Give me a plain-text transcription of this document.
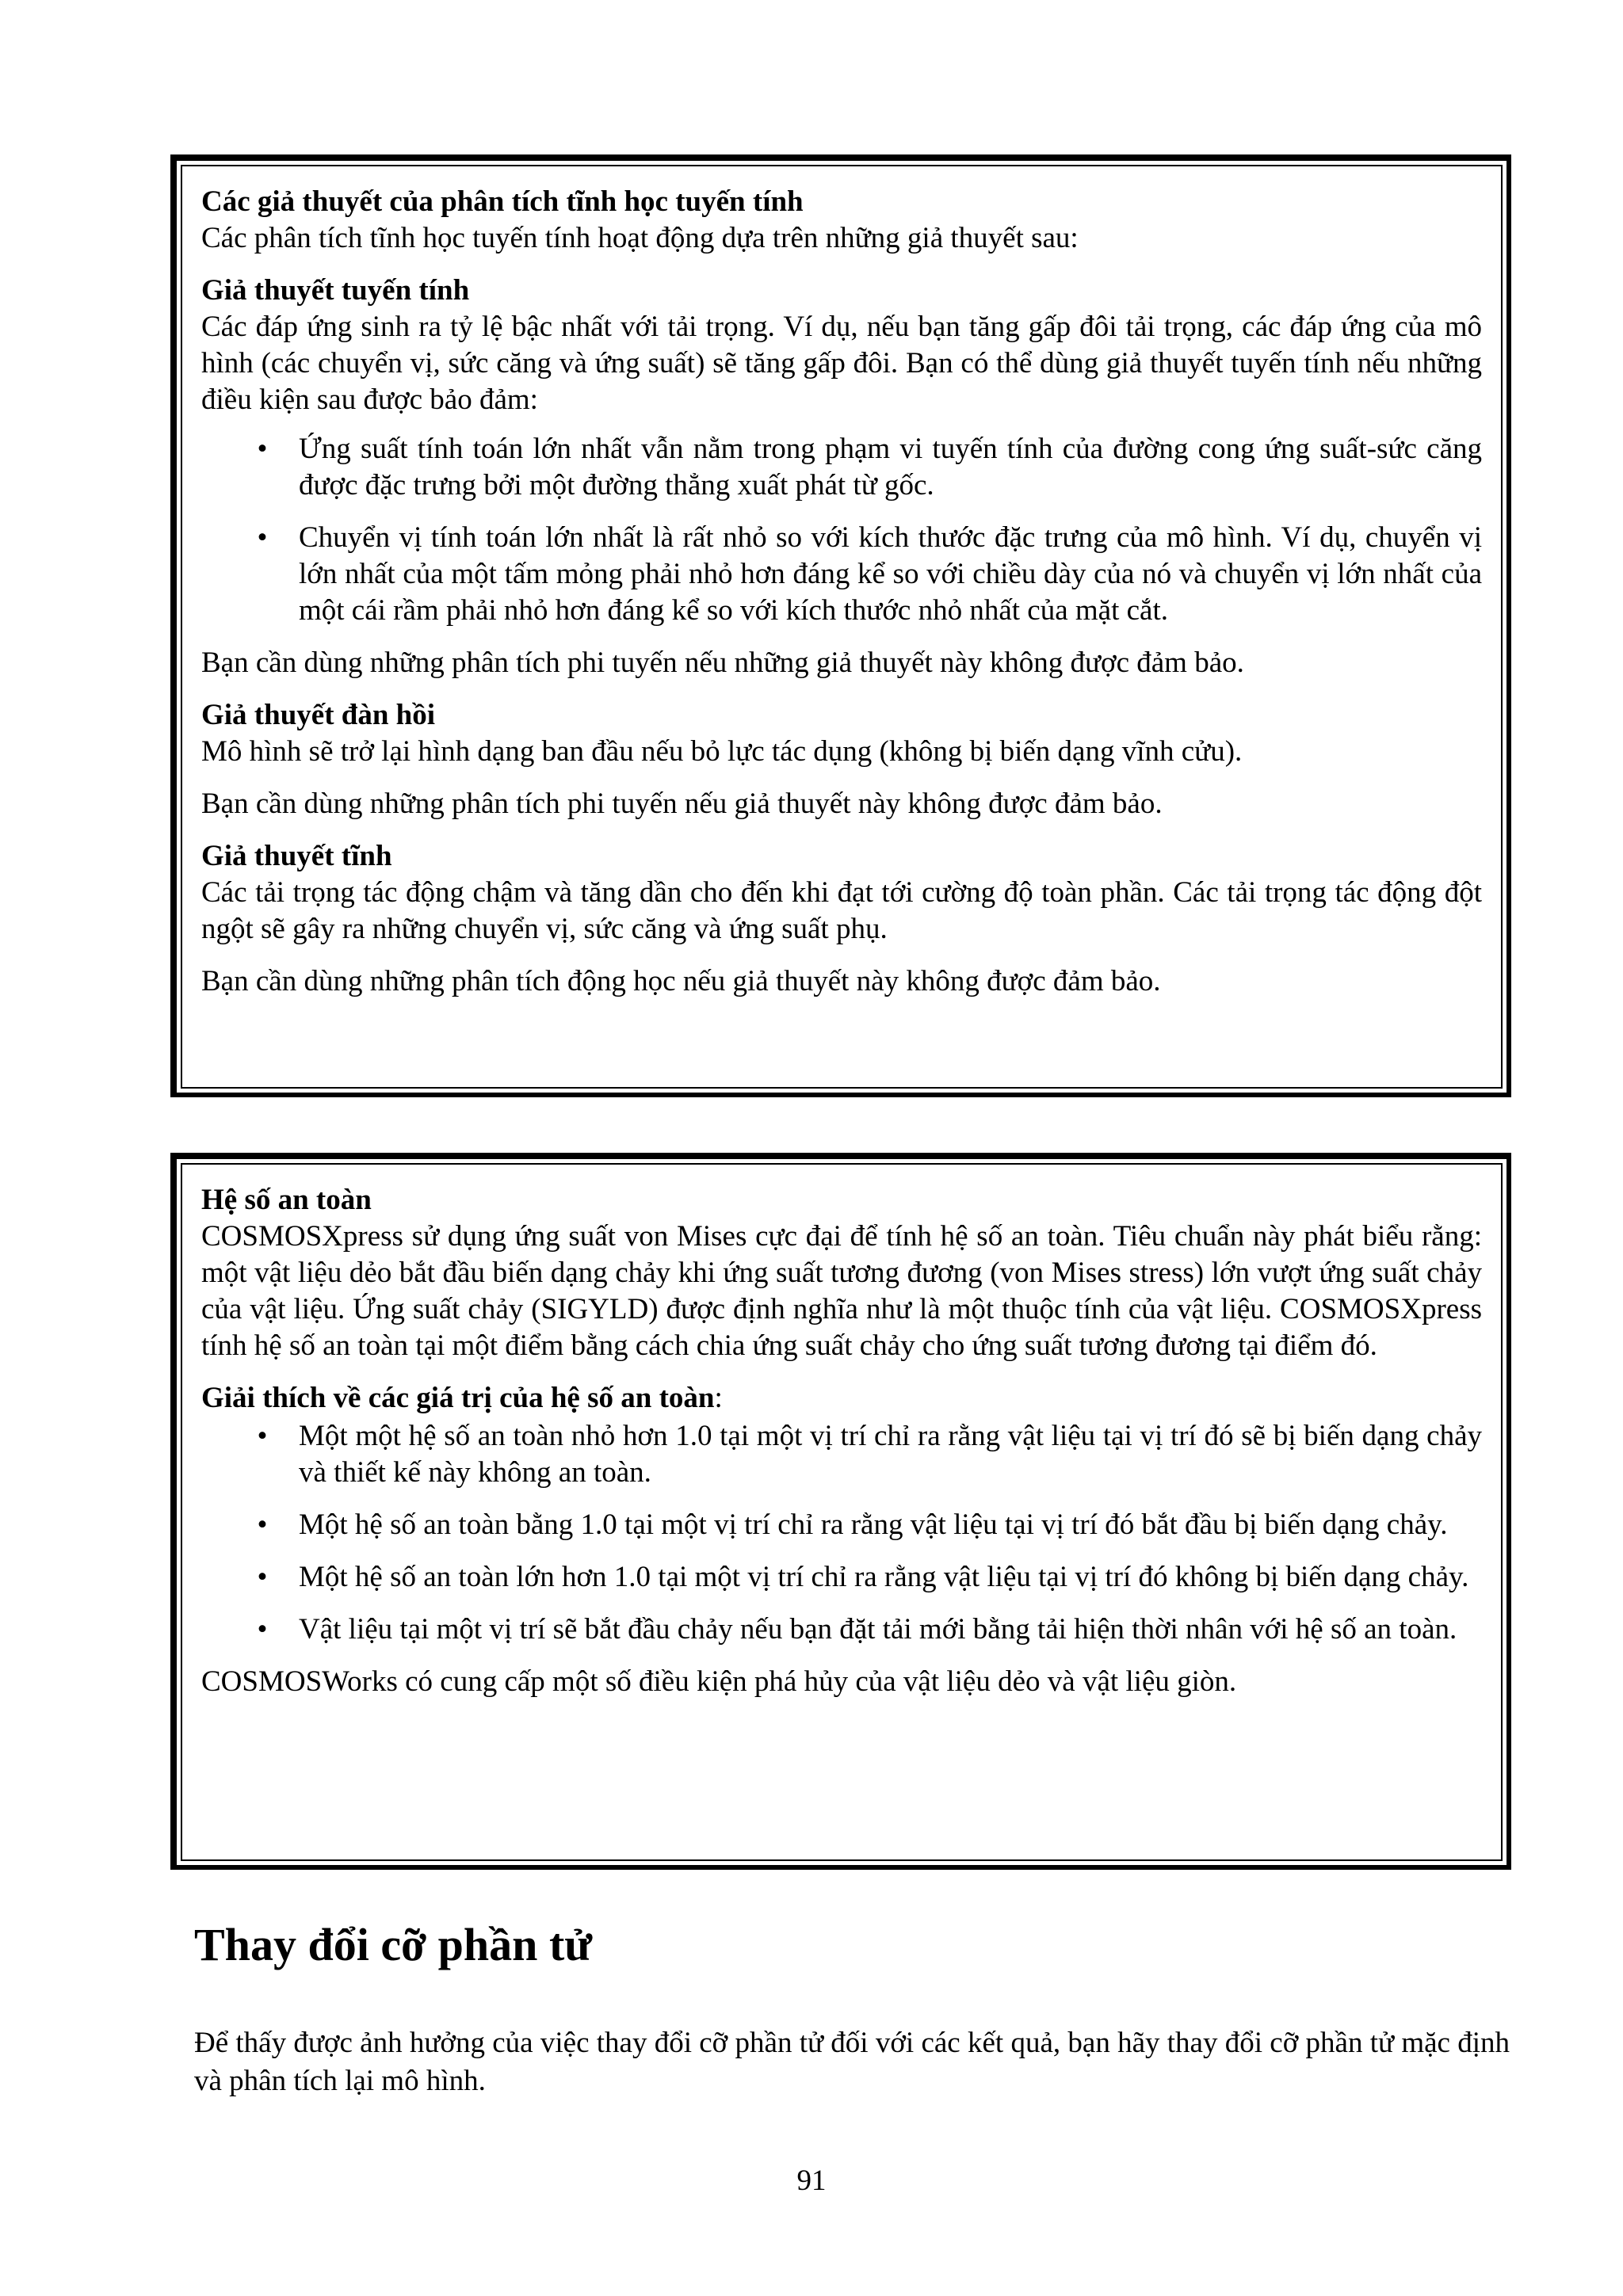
Các giả thuyết của phân tích tĩnh học tuyến tính

Các phân tích tĩnh học tuyến tính hoạt động dựa trên những giả thuyết sau:

Giả thuyết tuyến tính

Các đáp ứng sinh ra tỷ lệ bậc nhất với tải trọng. Ví dụ, nếu bạn tăng gấp đôi tải trọng, các đáp ứng của mô hình (các chuyển vị, sức căng và ứng suất) sẽ tăng gấp đôi. Bạn có thể dùng giả thuyết tuyến tính nếu những điều kiện sau được bảo đảm:

• Ứng suất tính toán lớn nhất vẫn nằm trong phạm vi tuyến tính của đường cong ứng suất-sức căng được đặc trưng bởi một đường thẳng xuất phát từ gốc.
• Chuyển vị tính toán lớn nhất là rất nhỏ so với kích thước đặc trưng của mô hình. Ví dụ, chuyển vị lớn nhất của một tấm mỏng phải nhỏ hơn đáng kể so với chiều dày của nó và chuyển vị lớn nhất của một cái rầm phải nhỏ hơn đáng kể so với kích thước nhỏ nhất của mặt cắt.

Bạn cần dùng những phân tích phi tuyến nếu những giả thuyết này không được đảm bảo.

Giả thuyết đàn hồi

Mô hình sẽ trở lại hình dạng ban đầu nếu bỏ lực tác dụng (không bị biến dạng vĩnh cửu).

Bạn cần dùng những phân tích phi tuyến nếu giả thuyết này không được đảm bảo.

Giả thuyết tĩnh

Các tải trọng tác động chậm và tăng dần cho đến khi đạt tới cường độ toàn phần. Các tải trọng tác động đột ngột sẽ gây ra những chuyển vị, sức căng và ứng suất phụ.

Bạn cần dùng những phân tích động học nếu giả thuyết này không được đảm bảo.

Hệ số an toàn

COSMOSXpress sử dụng ứng suất von Mises cực đại để tính hệ số an toàn. Tiêu chuẩn này phát biểu rằng: một vật liệu dẻo bắt đầu biến dạng chảy khi ứng suất tương đương (von Mises stress) lớn vượt ứng suất chảy của vật liệu. Ứng suất chảy (SIGYLD) được định nghĩa như là một thuộc tính của vật liệu. COSMOSXpress tính hệ số an toàn tại một điểm bằng cách chia ứng suất chảy cho ứng suất tương đương tại điểm đó.

Giải thích về các giá trị của hệ số an toàn:

• Một một hệ số an toàn nhỏ hơn 1.0 tại một vị trí chỉ ra rằng vật liệu tại vị trí đó sẽ bị biến dạng chảy và thiết kế này không an toàn.
• Một hệ số an toàn bằng 1.0 tại một vị trí chỉ ra rằng vật liệu tại vị trí đó bắt đầu bị biến dạng chảy.
• Một hệ số an toàn lớn hơn 1.0 tại một vị trí chỉ ra rằng vật liệu tại vị trí đó không bị biến dạng chảy.
• Vật liệu tại một vị trí sẽ bắt đầu chảy nếu bạn đặt tải mới bằng tải hiện thời nhân với hệ số an toàn.

COSMOSWorks có cung cấp một số điều kiện phá hủy của vật liệu dẻo và vật liệu giòn.

Thay đổi cỡ phần tử

Để thấy được ảnh hưởng của việc thay đổi cỡ phần tử đối với các kết quả, bạn hãy thay đổi cỡ phần tử mặc định và phân tích lại mô hình.

91
